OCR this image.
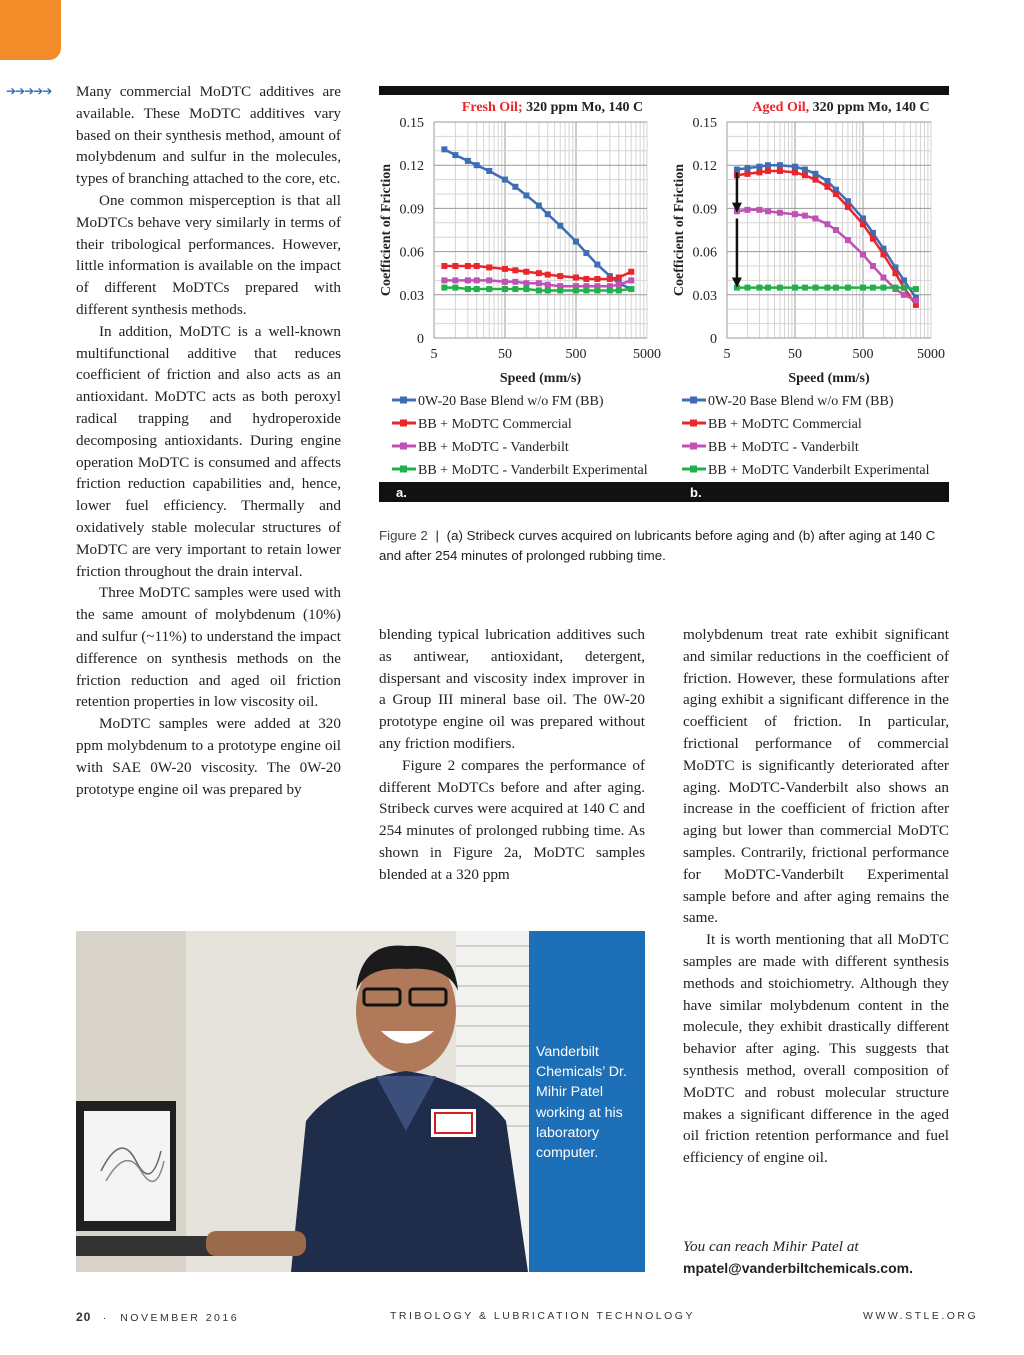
➔➔➔➔➔ Many commercial MoDTC additives are available. These MoDTC additives vary based on their synthesis method, amount of molybdenum and sulfur in the molecules, types of branching attached to the core, etc.

One common misperception is that all MoDTCs behave very similarly in terms of their tribological performances. However, little information is available on the impact of different MoDTCs prepared with different synthesis methods.

In addition, MoDTC is a well-known multifunctional additive that reduces coefficient of friction and also acts as an antioxidant. MoDTC acts as both peroxyl radical trapping and hydroperoxide decomposing antioxidants. During engine operation MoDTC is consumed and affects friction reduction capabilities and, hence, lower fuel efficiency. Thermally and oxidatively stable molecular structures of MoDTC are very important to retain lower friction throughout the drain interval.

Three MoDTC samples were used with the same amount of molybdenum (10%) and sulfur (~11%) to understand the impact difference on synthesis methods on the friction reduction and aged oil friction retention properties in low viscosity oil.

MoDTC samples were added at 320 ppm molybdenum to a prototype engine oil with SAE 0W-20 viscosity. The 0W-20 prototype engine oil was prepared by

0
0.03
0.06
0.09
0.12
0.15
5	50	500	5000
Fresh Oil; 320 ppm Mo, 140 C
Speed (mm/s)
Coefficient of Friction
0W-20 Base Blend w/o FM (BB)
BB + MoDTC Commercial
BB + MoDTC - Vanderbilt
BB + MoDTC - Vanderbilt Experimental
0
0.03
0.06
0.09
0.12
0.15
5	50	500	5000
Aged Oil, 320 ppm Mo, 140 C
Speed (mm/s)
Coefficient of Friction
0W-20 Base Blend w/o FM (BB)
BB + MoDTC Commercial
BB + MoDTC - Vanderbilt
BB + MoDTC Vanderbilt Experimental
a.	b.
Figure 2 | (a) Stribeck curves acquired on lubricants before aging and (b) after aging at 140 C and after 254 minutes of prolonged rubbing time.

blending typical lubrication additives such as antiwear, antioxidant, detergent, dispersant and viscosity index improver in a Group III mineral base oil. The 0W-20 prototype engine oil was prepared without any friction modifiers.

Figure 2 compares the performance of different MoDTCs before and after aging. Stribeck curves were acquired at 140 C and 254 minutes of prolonged rubbing time. As shown in Figure 2a, MoDTC samples blended at a 320 ppm

molybdenum treat rate exhibit significant and similar reductions in the coefficient of friction. However, these formulations after aging exhibit a significant difference in the coefficient of friction. In particular, frictional performance of commercial MoDTC is significantly deteriorated after aging. MoDTC-Vanderbilt also shows an increase in the coefficient of friction after aging but lower than commercial MoDTC samples. Contrarily, frictional performance for MoDTC-Vanderbilt Experimental sample before and after aging remains the same.

It is worth mentioning that all MoDTC samples are made with different synthesis methods and stoichiometry. Although they have similar molybdenum content in the molecule, they exhibit drastically different behavior after aging. This suggests that synthesis method, overall composition of MoDTC and robust molecular structure makes a significant difference in the aged oil friction retention performance and fuel efficiency of engine oil.

You can reach Mihir Patel at
mpatel@vanderbiltchemicals.com.
Vanderbilt Chemicals’ Dr. Mihir Patel working at his laboratory computer.
20 · NOVEMBER 2016	TRIBOLOGY & LUBRICATION TECHNOLOGY	WWW.STLE.ORG
